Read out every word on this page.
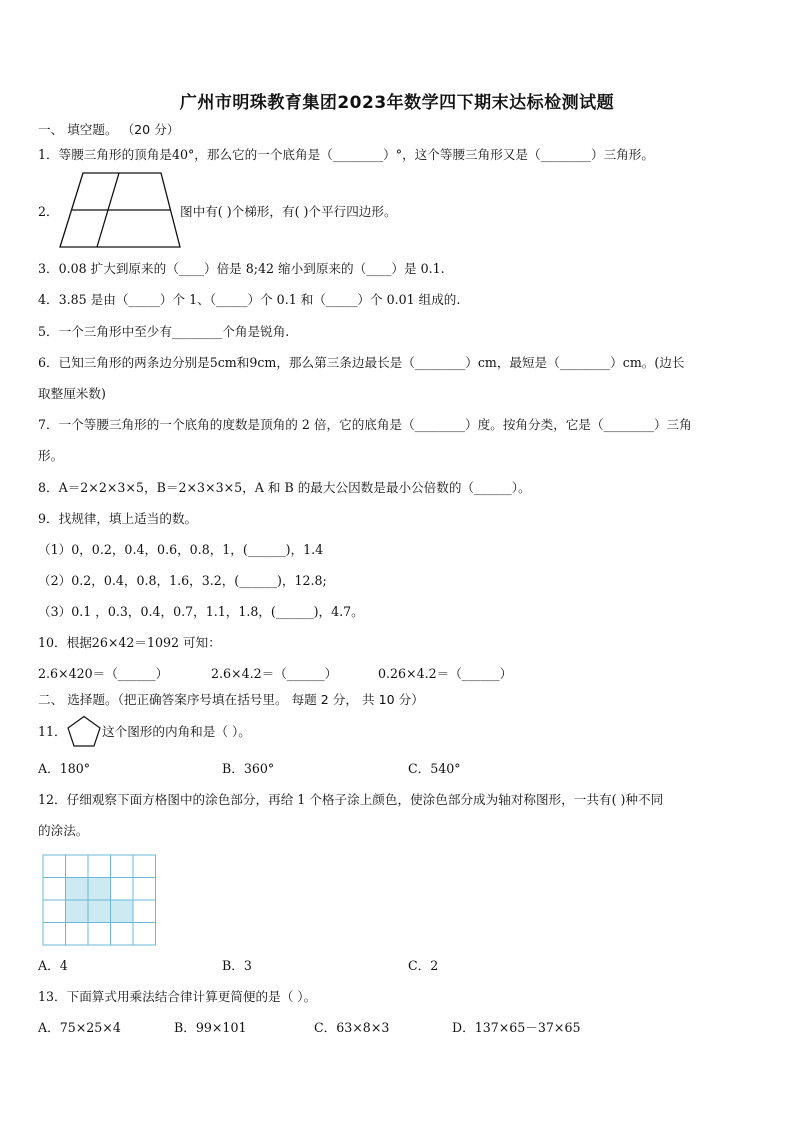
广州市明珠教育集团2023年数学四下期末达标检测试题
一、 填空题。 （20 分）
1．等腰三角形的顶角是40°，那么它的一个底角是（________）°，这个等腰三角形又是（________）三角形。
2．	图中有( )个梯形，有( )个平行四边形。
3．0.08 扩大到原来的（____）倍是 8;42 缩小到原来的（____）是 0.1.
4．3.85 是由（_____）个 1、（_____）个 0.1 和（_____）个 0.01 组成的.
5．一个三角形中至少有________个角是锐角.
6．已知三角形的两条边分别是5cm和9cm，那么第三条边最长是（________）cm，最短是（________）cm。(边长
取整厘米数)
7．一个等腰三角形的一个底角的度数是顶角的 2 倍，它的底角是（________）度。按角分类，它是（________）三角
形。
8．A＝2×2×3×5，B＝2×3×3×5，A 和 B 的最大公因数是最小公倍数的（______）。
9．找规律，填上适当的数。
（1）0，0.2，0.4，0.6，0.8，1，(______)，1.4
（2）0.2，0.4，0.8，1.6，3.2，(______)，12.8;
（3）0.1 ，0.3，0.4，0.7，1.1，1.8，(______)，4.7。
10．根据26×42＝1092 可知：
2.6×420＝（______）	2.6×4.2＝（______）	0.26×4.2＝（______）
二、 选择题。（把正确答案序号填在括号里。 每题 2 分， 共 10 分）
11．	这个图形的内角和是（ ）。
A．180°	B．360°	C．540°
12．仔细观察下面方格图中的涂色部分，再给 1 个格子涂上颜色，使涂色部分成为轴对称图形，一共有( )种不同
的涂法。
A．4	B．3	C．2
13．下面算式用乘法结合律计算更简便的是（ ）。
A．75×25×4	B．99×101	C．63×8×3	D．137×65－37×65
